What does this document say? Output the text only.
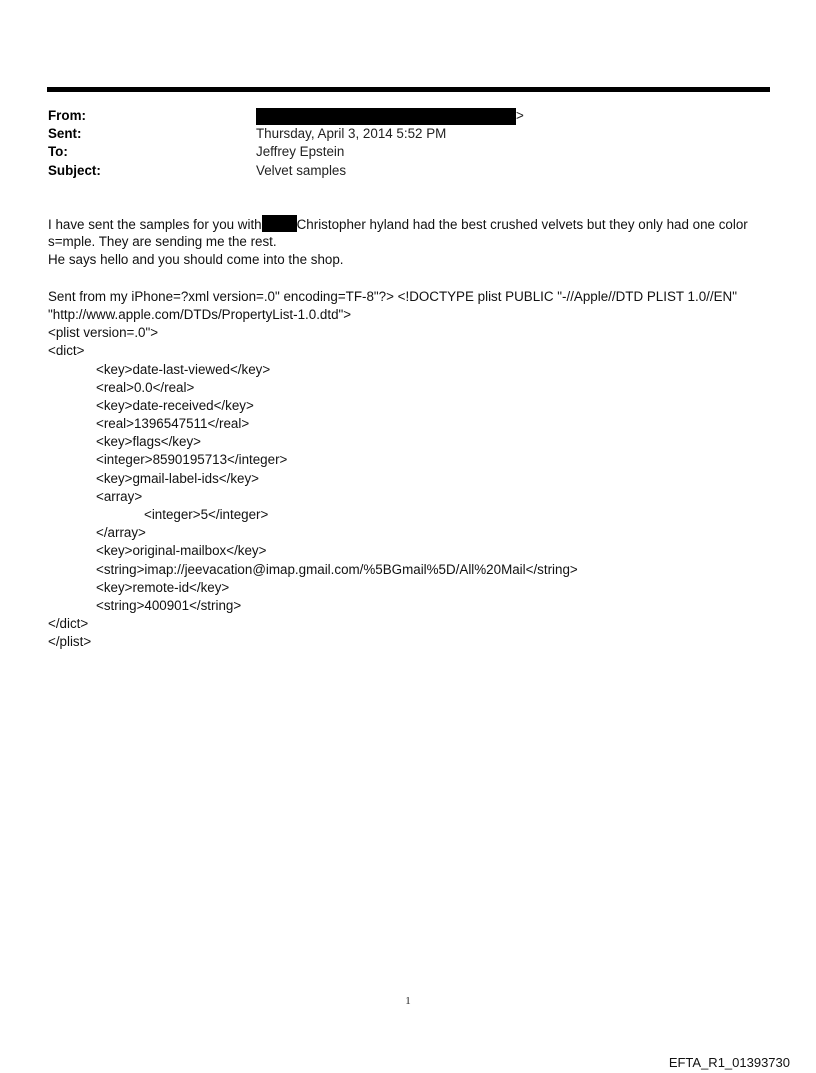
From:	>
Sent:	Thursday, April 3, 2014 5:52 PM
To:	Jeffrey Epstein
Subject:	Velvet samples
I have sent the samples for you with	Christopher hyland had the best crushed velvets but they only had one color
s=mple. They are sending me the rest.
He says hello and you should come into the shop.
Sent from my iPhone=?xml version=.0" encoding=TF-8"?> <!DOCTYPE plist PUBLIC "-//Apple//DTD PLIST 1.0//EN"
"http://www.apple.com/DTDs/PropertyList-1.0.dtd">
<plist version=.0">
<dict>
<key>date-last-viewed</key>
<real>0.0</real>
<key>date-received</key>
<real>1396547511</real>
<key>flags</key>
<integer>8590195713</integer>
<key>gmail-label-ids</key>
<array>
<integer>5</integer>
</array>
<key>original-mailbox</key>
<string>imap://jeevacation@imap.gmail.com/%5BGmail%5D/All%20Mail</string>
<key>remote-id</key>
<string>400901</string>
</dict>
</plist>
1
EFTA_R1_01393730
